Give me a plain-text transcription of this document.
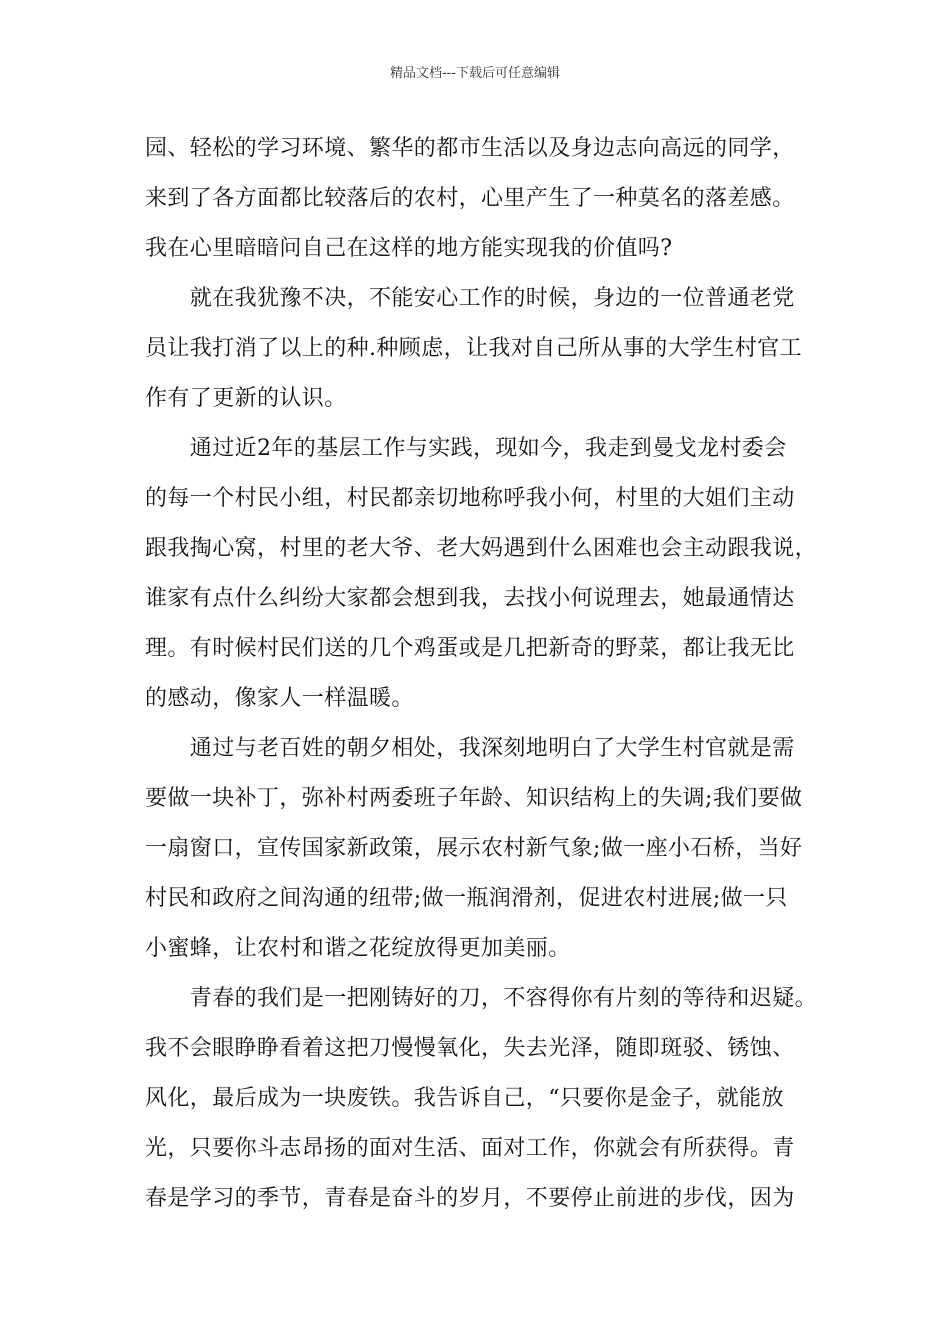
精品文档---下载后可任意编辑
园、轻松的学习环境、繁华的都市生活以及身边志向高远的同学，
来到了各方面都比较落后的农村，心里产生了一种莫名的落差感。
我在心里暗暗问自己在这样的地方能实现我的价值吗?
　　就在我犹豫不决，不能安心工作的时候，身边的一位普通老党
员让我打消了以上的种.种顾虑，让我对自己所从事的大学生村官工
作有了更新的认识。
　　通过近2年的基层工作与实践，现如今，我走到曼戈龙村委会
的每一个村民小组，村民都亲切地称呼我小何，村里的大姐们主动
跟我掏心窝，村里的老大爷、老大妈遇到什么困难也会主动跟我说，
谁家有点什么纠纷大家都会想到我，去找小何说理去，她最通情达
理。有时候村民们送的几个鸡蛋或是几把新奇的野菜，都让我无比
的感动，像家人一样温暖。
　　通过与老百姓的朝夕相处，我深刻地明白了大学生村官就是需
要做一块补丁，弥补村两委班子年龄、知识结构上的失调;我们要做
一扇窗口，宣传国家新政策，展示农村新气象;做一座小石桥，当好
村民和政府之间沟通的纽带;做一瓶润滑剂，促进农村进展;做一只
小蜜蜂，让农村和谐之花绽放得更加美丽。
　　青春的我们是一把刚铸好的刀，不容得你有片刻的等待和迟疑。
我不会眼睁睁看着这把刀慢慢氧化，失去光泽，随即斑驳、锈蚀、
风化，最后成为一块废铁。我告诉自己，“只要你是金子，就能放
光，只要你斗志昂扬的面对生活、面对工作，你就会有所获得。青
春是学习的季节，青春是奋斗的岁月，不要停止前进的步伐，因为
